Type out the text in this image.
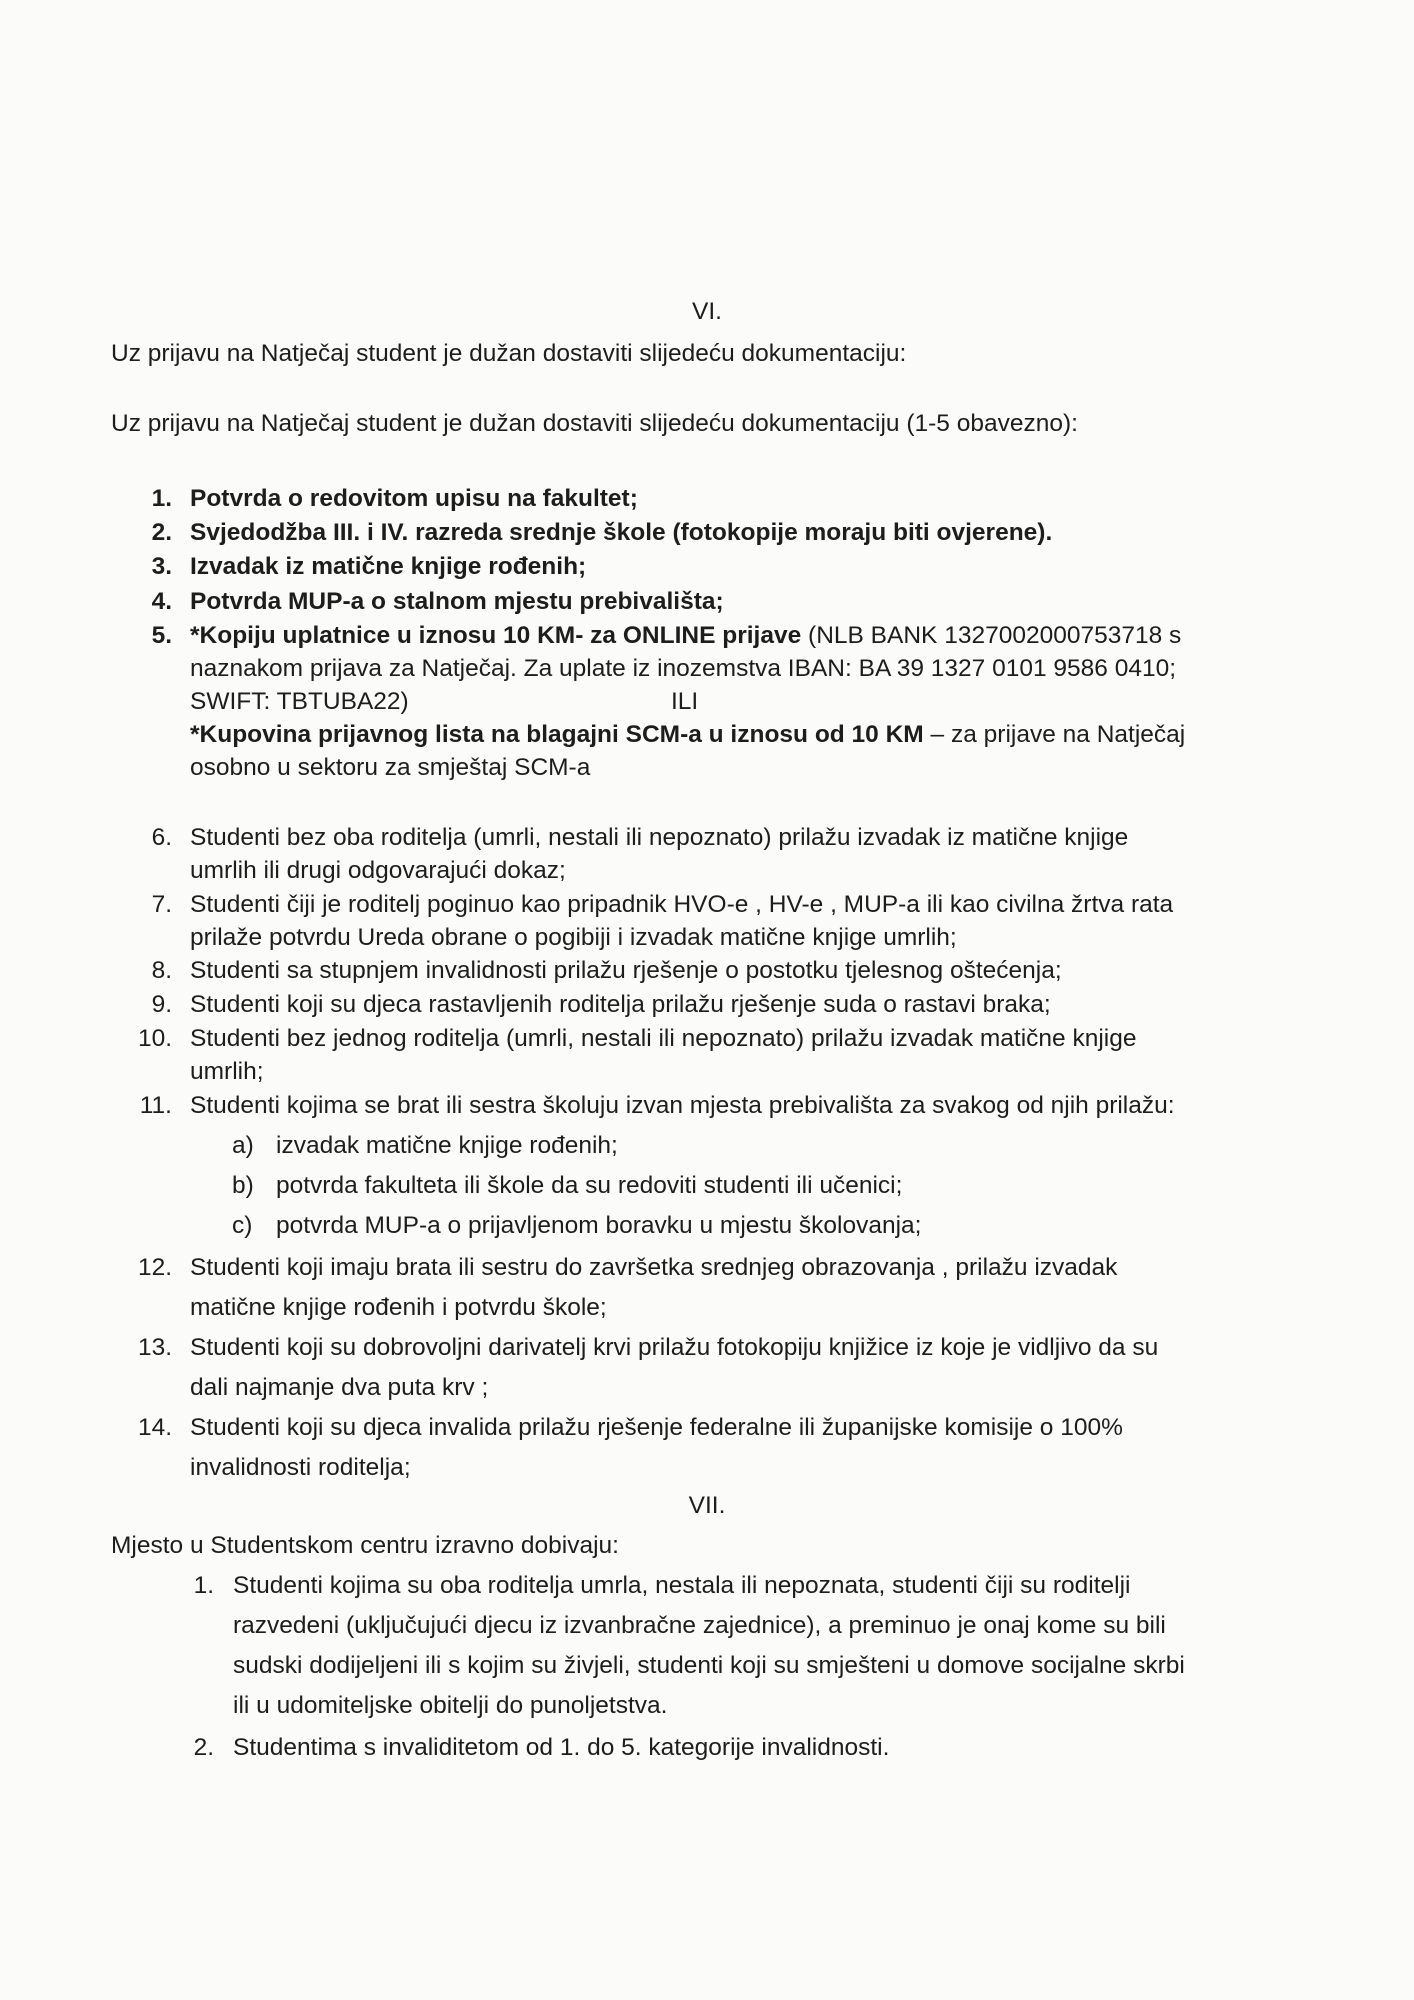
VI.
Uz prijavu na Natječaj student je dužan dostaviti slijedeću dokumentaciju:
Uz prijavu na Natječaj student je dužan dostaviti slijedeću dokumentaciju (1-5 obavezno):
1. Potvrda o redovitom upisu na fakultet;
2. Svjedodžba III. i IV. razreda srednje škole (fotokopije moraju biti ovjerene).
3. Izvadak iz matične knjige rođenih;
4. Potvrda MUP-a o stalnom mjestu prebivališta;
5. *Kopiju uplatnice u iznosu 10 KM- za ONLINE prijave (NLB BANK 1327002000753718 s
naznakom prijava za Natječaj. Za uplate iz inozemstva IBAN: BA 39 1327 0101 9586 0410;
SWIFT: TBTUBA22)	ILI
*Kupovina prijavnog lista na blagajni SCM-a u iznosu od 10 KM – za prijave na Natječaj
osobno u sektoru za smještaj SCM-a
6. Studenti bez oba roditelja (umrli, nestali ili nepoznato) prilažu izvadak iz matične knjige
umrlih ili drugi odgovarajući dokaz;
7. Studenti čiji je roditelj poginuo kao pripadnik HVO-e , HV-e , MUP-a ili kao civilna žrtva rata
prilaže potvrdu Ureda obrane o pogibiji i izvadak matične knjige umrlih;
8. Studenti sa stupnjem invalidnosti prilažu rješenje o postotku tjelesnog oštećenja;
9. Studenti koji su djeca rastavljenih roditelja prilažu rješenje suda o rastavi braka;
10. Studenti bez jednog roditelja (umrli, nestali ili nepoznato) prilažu izvadak matične knjige
umrlih;
11. Studenti kojima se brat ili sestra školuju izvan mjesta prebivališta za svakog od njih prilažu:
a) izvadak matične knjige rođenih;
b) potvrda fakulteta ili škole da su redoviti studenti ili učenici;
c) potvrda MUP-a o prijavljenom boravku u mjestu školovanja;
12. Studenti koji imaju brata ili sestru do završetka srednjeg obrazovanja , prilažu izvadak
matične knjige rođenih i potvrdu škole;
13. Studenti koji su dobrovoljni darivatelj krvi prilažu fotokopiju knjižice iz koje je vidljivo da su
dali najmanje dva puta krv ;
14. Studenti koji su djeca invalida prilažu rješenje federalne ili županijske komisije o 100%
invalidnosti roditelja;
VII.
Mjesto u Studentskom centru izravno dobivaju:
1. Studenti kojima su oba roditelja umrla, nestala ili nepoznata, studenti čiji su roditelji
razvedeni (uključujući djecu iz izvanbračne zajednice), a preminuo je onaj kome su bili
sudski dodijeljeni ili s kojim su živjeli, studenti koji su smješteni u domove socijalne skrbi
ili u udomiteljske obitelji do punoljetstva.
2. Studentima s invaliditetom od 1. do 5. kategorije invalidnosti.
